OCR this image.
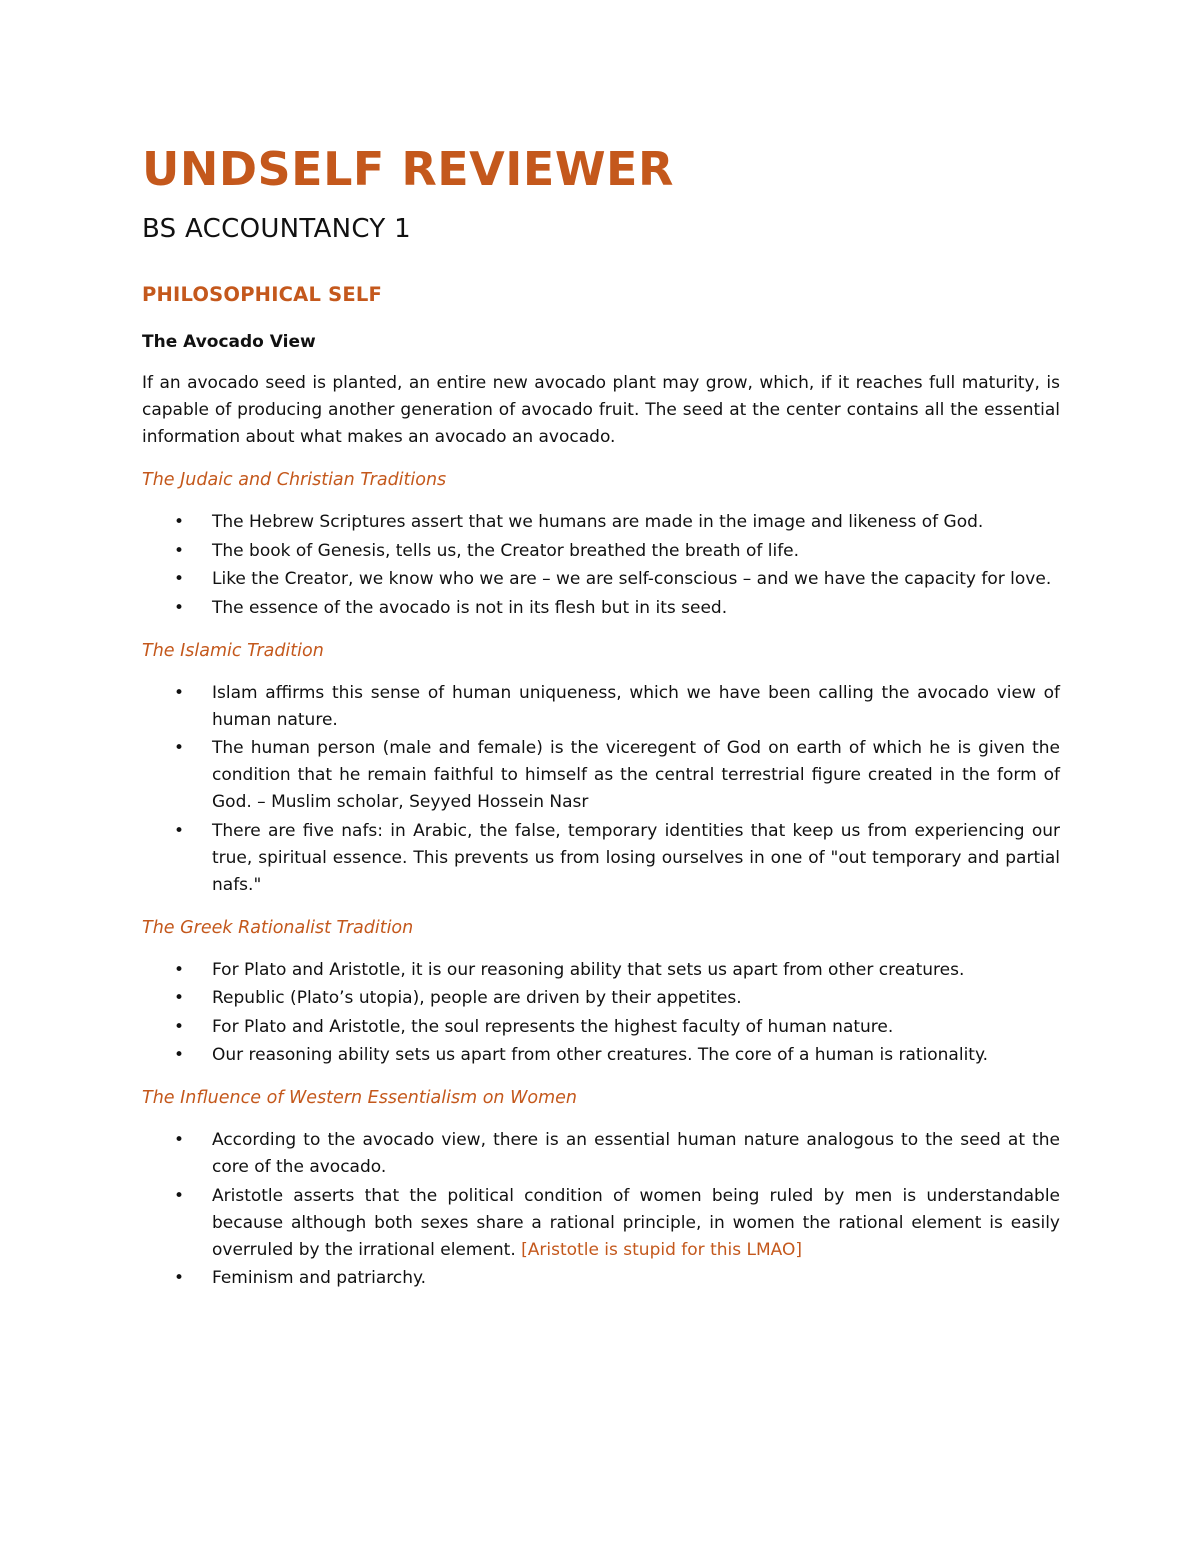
UNDSELF REVIEWER
BS ACCOUNTANCY 1
PHILOSOPHICAL SELF
The Avocado View

If an avocado seed is planted, an entire new avocado plant may grow, which, if it reaches full maturity, is capable of producing another generation of avocado fruit. The seed at the center contains all the essential information about what makes an avocado an avocado.

The Judaic and Christian Traditions
• The Hebrew Scriptures assert that we humans are made in the image and likeness of God.
• The book of Genesis, tells us, the Creator breathed the breath of life.
• Like the Creator, we know who we are – we are self-conscious – and we have the capacity for love.
• The essence of the avocado is not in its flesh but in its seed.
The Islamic Tradition
• Islam affirms this sense of human uniqueness, which we have been calling the avocado view of human nature.
• The human person (male and female) is the viceregent of God on earth of which he is given the condition that he remain faithful to himself as the central terrestrial figure created in the form of God. – Muslim scholar, Seyyed Hossein Nasr
• There are five nafs: in Arabic, the false, temporary identities that keep us from experiencing our true, spiritual essence. This prevents us from losing ourselves in one of "out temporary and partial nafs."
The Greek Rationalist Tradition
• For Plato and Aristotle, it is our reasoning ability that sets us apart from other creatures.
• Republic (Plato’s utopia), people are driven by their appetites.
• For Plato and Aristotle, the soul represents the highest faculty of human nature.
• Our reasoning ability sets us apart from other creatures. The core of a human is rationality.
The Influence of Western Essentialism on Women
• According to the avocado view, there is an essential human nature analogous to the seed at the core of the avocado.
• Aristotle asserts that the political condition of women being ruled by men is understandable because although both sexes share a rational principle, in women the rational element is easily overruled by the irrational element. [Aristotle is stupid for this LMAO]
• Feminism and patriarchy.
